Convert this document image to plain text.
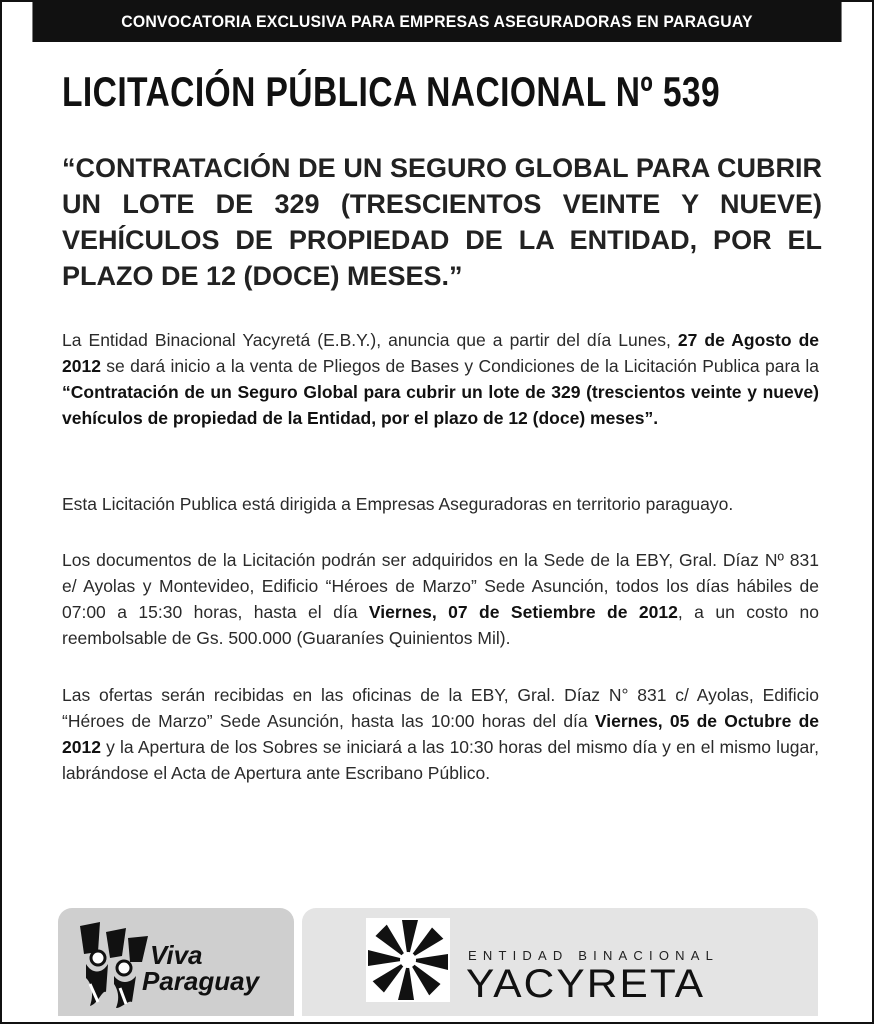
CONVOCATORIA EXCLUSIVA PARA EMPRESAS ASEGURADORAS EN PARAGUAY
LICITACIÓN PÚBLICA NACIONAL Nº 539
“CONTRATACIÓN DE UN SEGURO GLOBAL PARA CUBRIR UN LOTE DE 329 (TRESCIENTOS VEINTE Y NUEVE) VEHÍCULOS DE PROPIEDAD DE LA ENTIDAD, POR EL PLAZO DE 12 (DOCE) MESES.”

La Entidad Binacional Yacyretá (E.B.Y.), anuncia que a partir del día Lunes, 27 de Agosto de 2012 se dará inicio a la venta de Pliegos de Bases y Condiciones de la Licitación Publica para la “Contratación de un Seguro Global para cubrir un lote de 329 (trescientos veinte y nueve) vehículos de propiedad de la Entidad, por el plazo de 12 (doce) meses”.

Esta Licitación Publica está dirigida a Empresas Aseguradoras en territorio paraguayo.

Los documentos de la Licitación podrán ser adquiridos en la Sede de la EBY, Gral. Díaz Nº 831 e/ Ayolas y Montevideo, Edificio “Héroes de Marzo” Sede Asunción, todos los días hábiles de 07:00 a 15:30 horas, hasta el día Viernes, 07 de Setiembre de 2012, a un costo no reembolsable de Gs. 500.000 (Guaraníes Quinientos Mil).

Las ofertas serán recibidas en las oficinas de la EBY, Gral. Díaz N° 831 c/ Ayolas, Edificio “Héroes de Marzo” Sede Asunción, hasta las 10:00 horas del día Viernes, 05 de Octubre de 2012 y la Apertura de los Sobres se iniciará a las 10:30 horas del mismo día y en el mismo lugar, labrándose el Acta de Apertura ante Escribano Público.

Viva
Paraguay
ENTIDAD BINACIONAL
YACYRETA
